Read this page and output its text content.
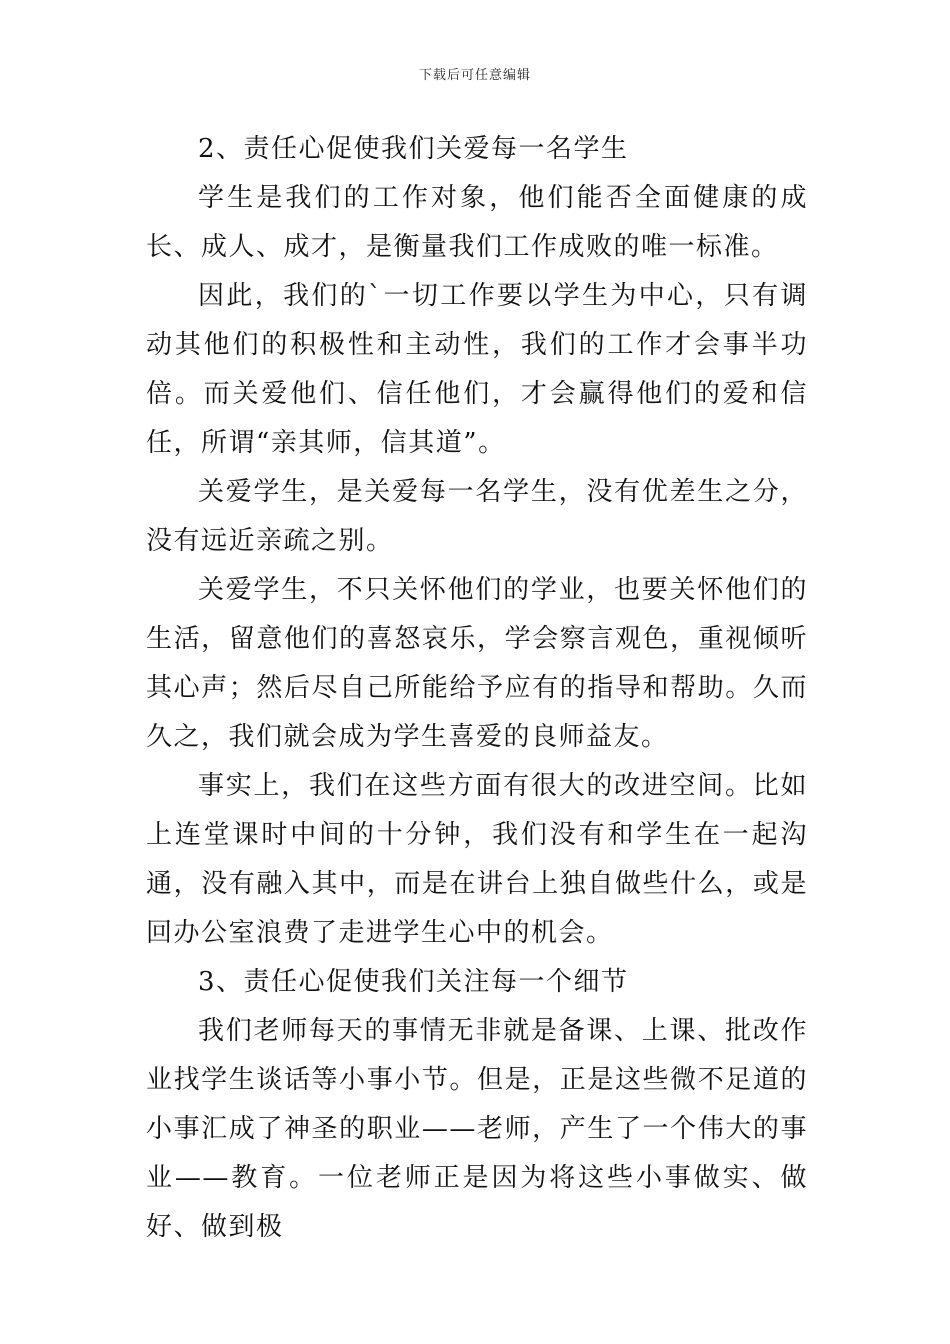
下载后可任意编辑

2、责任心促使我们关爱每一名学生

学生是我们的工作对象，他们能否全面健康的成长、成人、成才，是衡量我们工作成败的唯一标准。

因此，我们的`一切工作要以学生为中心，只有调动其他们的积极性和主动性，我们的工作才会事半功倍。而关爱他们、信任他们，才会赢得他们的爱和信任，所谓“亲其师，信其道”。

关爱学生，是关爱每一名学生，没有优差生之分，没有远近亲疏之别。

关爱学生，不只关怀他们的学业，也要关怀他们的生活，留意他们的喜怒哀乐，学会察言观色，重视倾听其心声；然后尽自己所能给予应有的指导和帮助。久而久之，我们就会成为学生喜爱的良师益友。

事实上，我们在这些方面有很大的改进空间。比如上连堂课时中间的十分钟，我们没有和学生在一起沟通，没有融入其中，而是在讲台上独自做些什么，或是回办公室浪费了走进学生心中的机会。

3、责任心促使我们关注每一个细节

我们老师每天的事情无非就是备课、上课、批改作业找学生谈话等小事小节。但是，正是这些微不足道的小事汇成了神圣的职业——老师，产生了一个伟大的事业——教育。一位老师正是因为将这些小事做实、做好、做到极
